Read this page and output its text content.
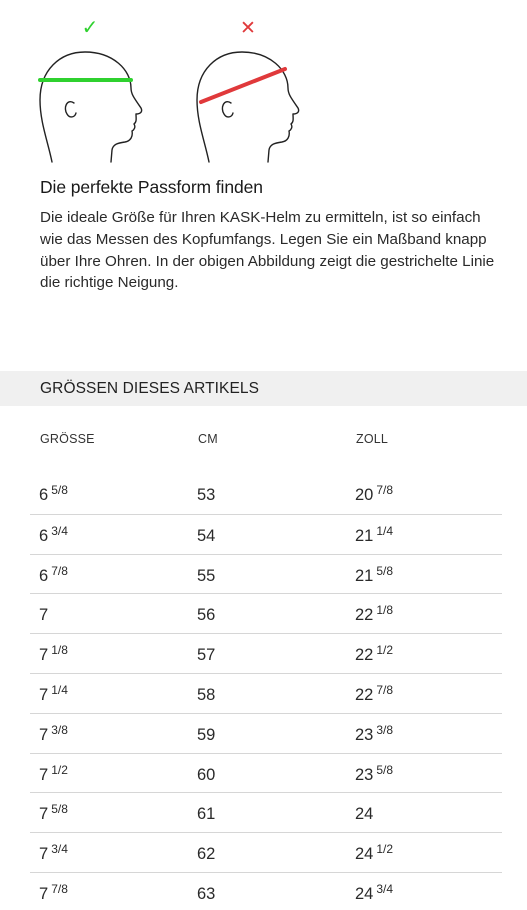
✓	✕
Die perfekte Passform finden
Die ideale Größe für Ihren KASK-Helm zu ermitteln, ist so einfach wie das Messen des Kopfumfangs. Legen Sie ein Maßband knapp über Ihre Ohren. In der obigen Abbildung zeigt die gestrichelte Linie die richtige Neigung.
GRÖSSEN DIESES ARTIKELS
GRÖSSE	CM	ZOLL
6 $^{5/8}$	53	20 $^{7/8}$
6 $^{3/4}$	54	21 $^{1/4}$
6 $^{7/8}$	55	21 $^{5/8}$
7	56	22 $^{1/8}$
7 $^{1/8}$	57	22 $^{1/2}$
7 $^{1/4}$	58	22 $^{7/8}$
7 $^{3/8}$	59	23 $^{3/8}$
7 $^{1/2}$	60	23 $^{5/8}$
7 $^{5/8}$	61	24
7 $^{3/4}$	62	24 $^{1/2}$
7 $^{7/8}$	63	24 $^{3/4}$
